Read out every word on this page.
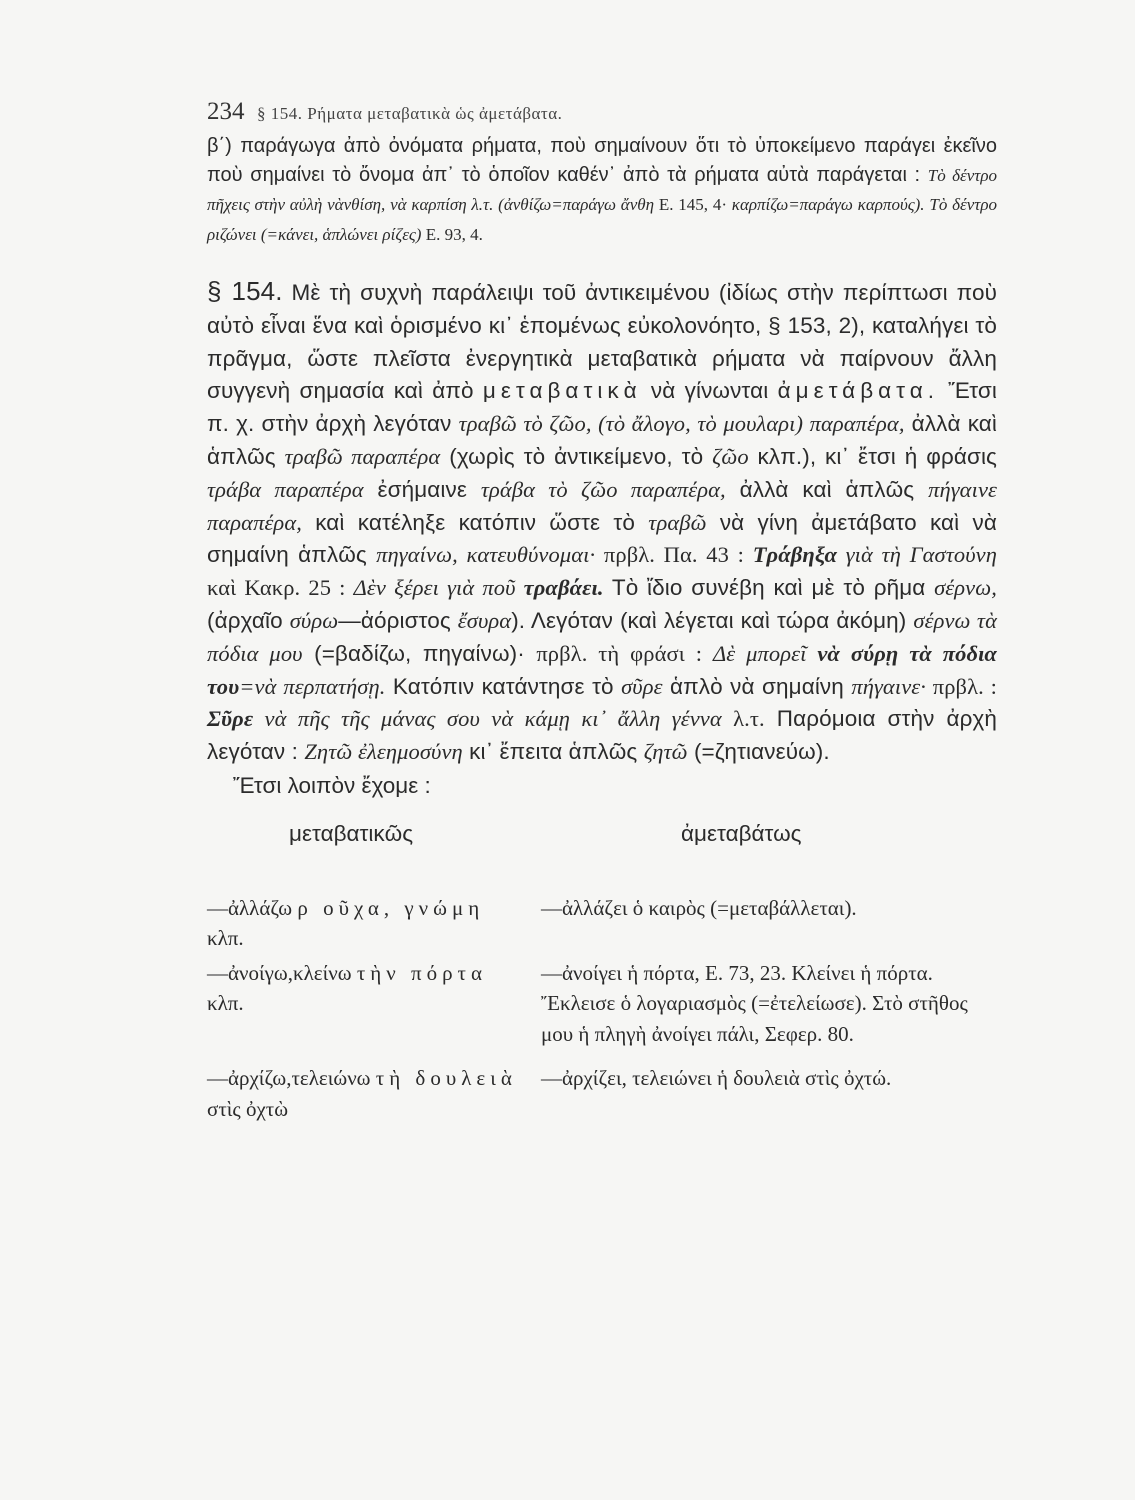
234 § 154. Ρήματα μεταβατικὰ ὡς ἀμετάβατα.

β΄) παράγωγα ἀπὸ ὀνόματα ρήματα, ποὺ σημαίνουν ὅτι τὸ ὑποκείμενο παράγει ἐκεῖνο ποὺ σημαίνει τὸ ὄνομα ἀπ᾽ τὸ ὁποῖον καθέν᾽ ἀπὸ τὰ ρήματα αὐτὰ παράγεται : Τὸ δέντρο πῆχεις στὴν αὐλὴ νὰνθίση, νὰ καρπίση λ.τ. (ἀνθίζω=παράγω ἄνθη Ε. 145, 4· καρπίζω=παράγω καρπούς). Τὸ δέντρο ριζώνει (=κάνει, ἁπλώνει ρίζες) Ε. 93, 4.

§ 154. Μὲ τὴ συχνὴ παράλειψι τοῦ ἀντικειμένου (ἰδίως στὴν περίπτωσι ποὺ αὐτὸ εἶναι ἕνα καὶ ὁρισμένο κι᾽ ἑπομένως εὐκολονόητο, § 153, 2), καταλήγει τὸ πρᾶγμα, ὥστε πλεῖστα ἐνεργητικὰ μεταβατικὰ ρήματα νὰ παίρνουν ἄλλη συγγενὴ σημασία καὶ ἀπὸ μεταβατικὰ νὰ γίνωνται ἀμετάβατα. Ἔτσι π. χ. στὴν ἀρχὴ λεγόταν τραβῶ τὸ ζῶο, (τὸ ἄλογο, τὸ μουλαρι) παραπέρα, ἀλλὰ καὶ ἁπλῶς τραβῶ παραπέρα (χωρὶς τὸ ἀντικείμενο, τὸ ζῶο κλπ.), κι᾽ ἔτσι ἡ φράσις τράβα παραπέρα ἐσήμαινε τράβα τὸ ζῶο παραπέρα, ἀλλὰ καὶ ἁπλῶς πήγαινε παραπέρα, καὶ κατέληξε κατόπιν ὥστε τὸ τραβῶ νὰ γίνη ἀμετάβατο καὶ νὰ σημαίνη ἁπλῶς πηγαίνω, κατευθύνομαι· πρβλ. Πα. 43 : Τράβηξα γιὰ τὴ Γαστούνη καὶ Κακρ. 25 : Δὲν ξέρει γιὰ ποῦ τραβάει. Τὸ ἴδιο συνέβη καὶ μὲ τὸ ρῆμα σέρνω,(ἀρχαῖο σύρω—ἀόριστος ἔσυρα). Λεγόταν (καὶ λέγεται καὶ τώρα ἀκόμη) σέρνω τὰ πόδια μου (=βαδίζω, πηγαίνω)· πρβλ. τὴ φράσι : Δὲ μπορεῖ νὰ σύρῃ τὰ πόδια του=νὰ περπατήσῃ. Κατόπιν κατάντησε τὸ σῦρε ἁπλὸ νὰ σημαίνη πήγαινε· πρβλ. : Σῦρε νὰ πῆς τῆς μάνας σου νὰ κάμῃ κι᾽ ἄλλη γέννα λ.τ. Παρόμοια στὴν ἀρχὴ λεγόταν : Ζητῶ ἐλεημοσύνη κι᾽ ἔπειτα ἁπλῶς ζητῶ (=ζητιανεύω).

Ἔτσι λοιπὸν ἔχομε :

μεταβατικῶς	ἀμεταβάτως
—ἀλλάζω ρ οῦχα, γνώμη κλπ.
—ἀλλάζει ὁ καιρὸς (=μεταβάλλεται).
—ἀνοίγω,κλείνω τὴν πόρτα κλπ.
—ἀνοίγει ἡ πόρτα, Ε. 73, 23. Κλείνει ἡ πόρτα. Ἔκλεισε ὁ λογαριασμὸς (=ἐτελείωσε). Στὸ στῆθος μου ἡ πληγὴ ἀνοίγει πάλι, Σεφερ. 80.
—ἀρχίζω,τελειώνω τὴ δουλειὰ στὶς ὀχτὼ
—ἀρχίζει, τελειώνει ἡ δουλειὰ στὶς ὀχτώ.
